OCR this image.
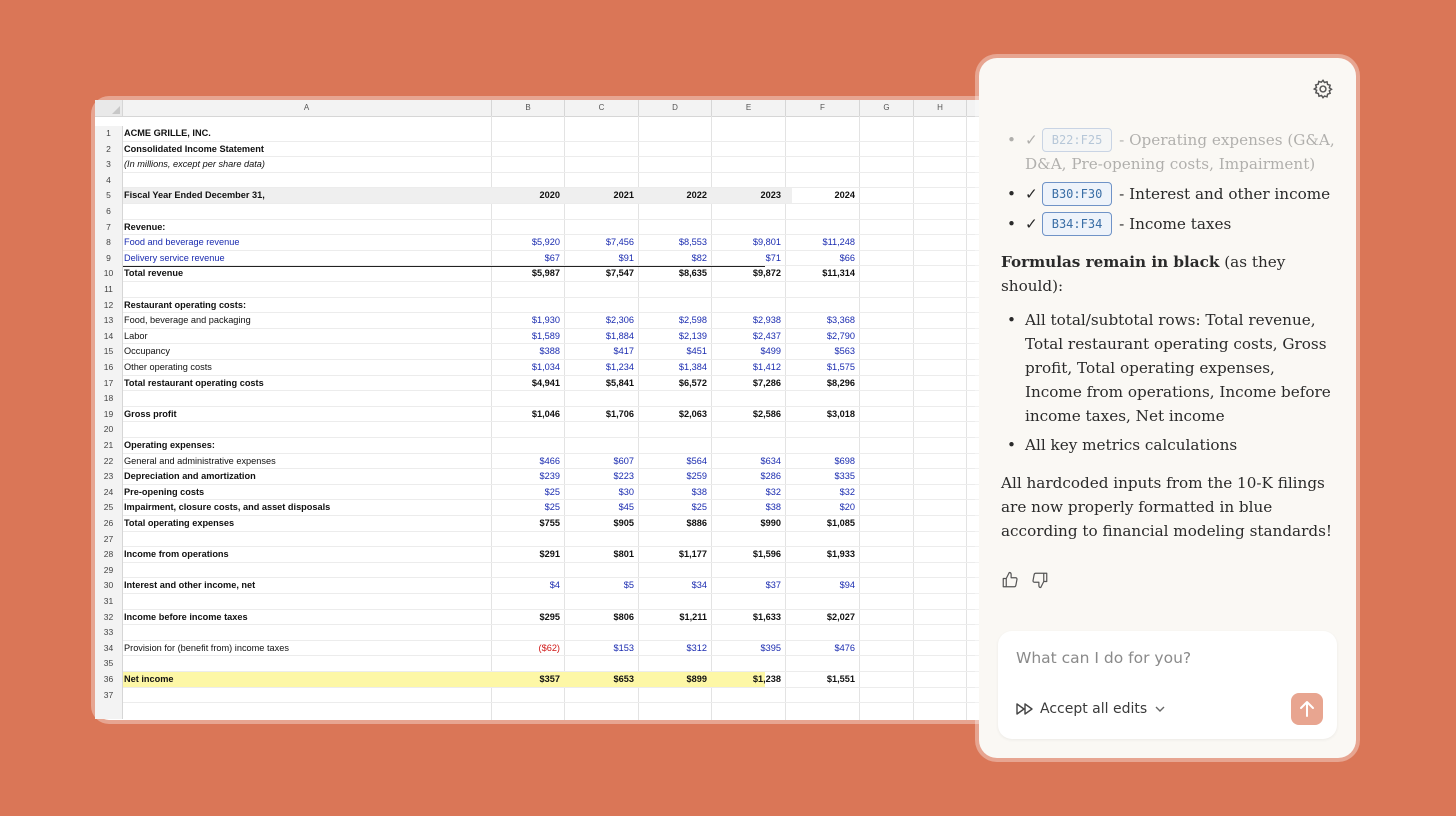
A	B	C	D	E	F	G	H
1	ACME GRILLE, INC.
2	Consolidated Income Statement
3	(In millions, except per share data)
4
5	Fiscal Year Ended December 31,	2020	2021	2022	2023	2024
6
7	Revenue:
8	Food and beverage revenue	$5,920	$7,456	$8,553	$9,801	$11,248
9	Delivery service revenue	$67	$91	$82	$71	$66
10	Total revenue	$5,987	$7,547	$8,635	$9,872	$11,314
11
12	Restaurant operating costs:
13	Food, beverage and packaging	$1,930	$2,306	$2,598	$2,938	$3,368
14	Labor	$1,589	$1,884	$2,139	$2,437	$2,790
15	Occupancy	$388	$417	$451	$499	$563
16	Other operating costs	$1,034	$1,234	$1,384	$1,412	$1,575
17	Total restaurant operating costs	$4,941	$5,841	$6,572	$7,286	$8,296
18
19	Gross profit	$1,046	$1,706	$2,063	$2,586	$3,018
20
21	Operating expenses:
22	General and administrative expenses	$466	$607	$564	$634	$698
23	Depreciation and amortization	$239	$223	$259	$286	$335
24	Pre-opening costs	$25	$30	$38	$32	$32
25	Impairment, closure costs, and asset disposals	$25	$45	$25	$38	$20
26	Total operating expenses	$755	$905	$886	$990	$1,085
27
28	Income from operations	$291	$801	$1,177	$1,596	$1,933
29
30	Interest and other income, net	$4	$5	$34	$37	$94
31
32	Income before income taxes	$295	$806	$1,211	$1,633	$2,027
33
34	Provision for (benefit from) income taxes	($62)	$153	$312	$395	$476
35
36	Net income	$357	$653	$899	$1,238	$1,551
37
• ✓ B22:F25 - Operating expenses (G&A, D&A, Pre-opening costs, Impairment)
• ✓ B30:F30 - Interest and other income
• ✓ B34:F34 - Income taxes

Formulas remain in black (as they should):

• All total/subtotal rows: Total revenue, Total restaurant operating costs, Gross profit, Total operating expenses, Income from operations, Income before income taxes, Net income
• All key metrics calculations

All hardcoded inputs from the 10-K filings are now properly formatted in blue according to financial modeling standards!

What can I do for you?
Accept all edits
